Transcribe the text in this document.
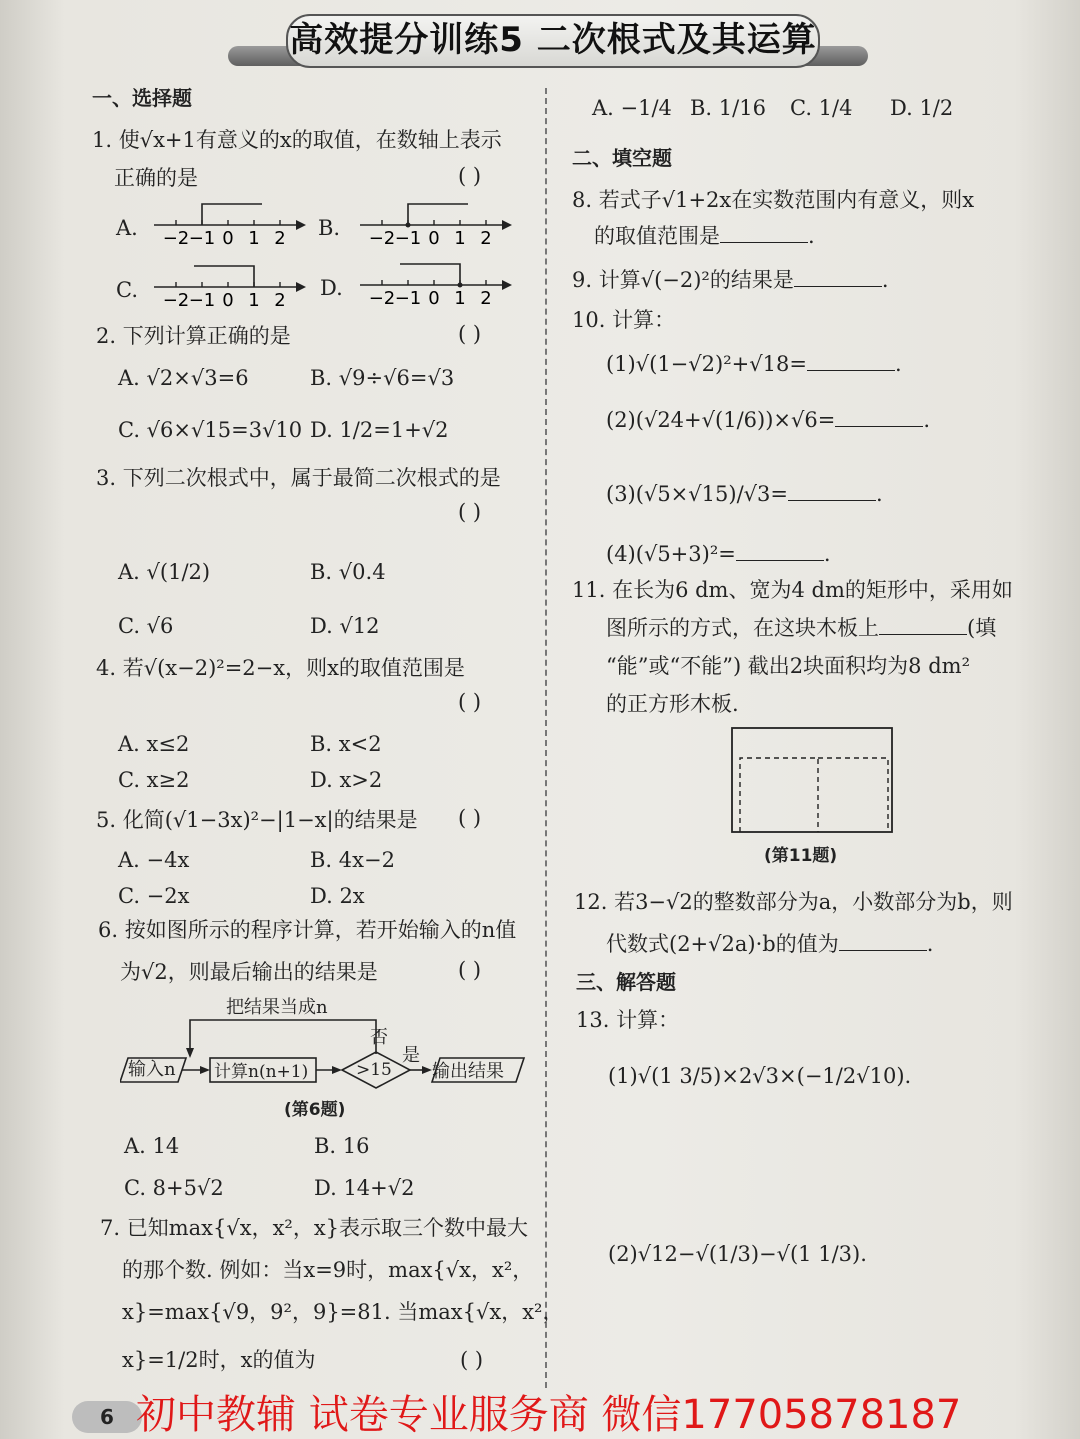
高效提分训练5 二次根式及其运算
一、选择题
1. 使√x+1有意义的x的取值，在数轴上表示
正确的是	( )
A.	B.
C.	D.
−2 −1 0 1 2	−2 −1 0 1 2
−2 −1 0 1 2	−2 −1 0 1 2
2. 下列计算正确的是	( )
A. √2×√3=6	B. √9÷√6=√3
C. √6×√15=3√10 D. 1/2=1+√2
3. 下列二次根式中，属于最简二次根式的是
( )
A. √(1/2)	B. √0.4
C. √6	D. √12
4. 若√(x−2)²=2−x，则x的取值范围是
( )
A. x≤2	B. x<2
C. x≥2	D. x>2
5. 化简(√1−3x)²−|1−x|的结果是 ( )
A. −4x	B. 4x−2
C. −2x	D. 2x
6. 按如图所示的程序计算，若开始输入的n值
为√2，则最后输出的结果是	( )
把结果当成n
输入n 计算n(n+1)	>15 输出结果
否
是
(第6题)
A. 14	B. 16
C. 8+5√2	D. 14+√2
7. 已知max{√x，x²，x}表示取三个数中最大
的那个数. 例如：当x=9时，max{√x，x²，
x}=max{√9，9²，9}=81. 当max{√x，x²，
x}=1/2时，x的值为	( )
A. −1/4 B. 1/16 C. 1/4 D. 1/2
二、填空题
8. 若式子√1+2x在实数范围内有意义，则x
的取值范围是	.
9. 计算√(−2)²的结果是	.
10. 计算：
(1)√(1−√2)²+√18=	.
(2)(√24+√(1/6))×√6=	.
(3)(√5×√15)/√3=	.
(4)(√5+3)²=	.
11. 在长为6 dm、宽为4 dm的矩形中，采用如
图所示的方式，在这块木板上	(填
“能”或“不能”) 截出2块面积均为8 dm²
的正方形木板.
(第11题)
12. 若3−√2的整数部分为a，小数部分为b，则
代数式(2+√2a)·b的值为	.
三、解答题
13. 计算：
(1)√(1 3/5)×2√3×(−1/2√10).
(2)√12−√(1/3)−√(1 1/3).
6 初中教辅 试卷专业服务商 微信17705878187
